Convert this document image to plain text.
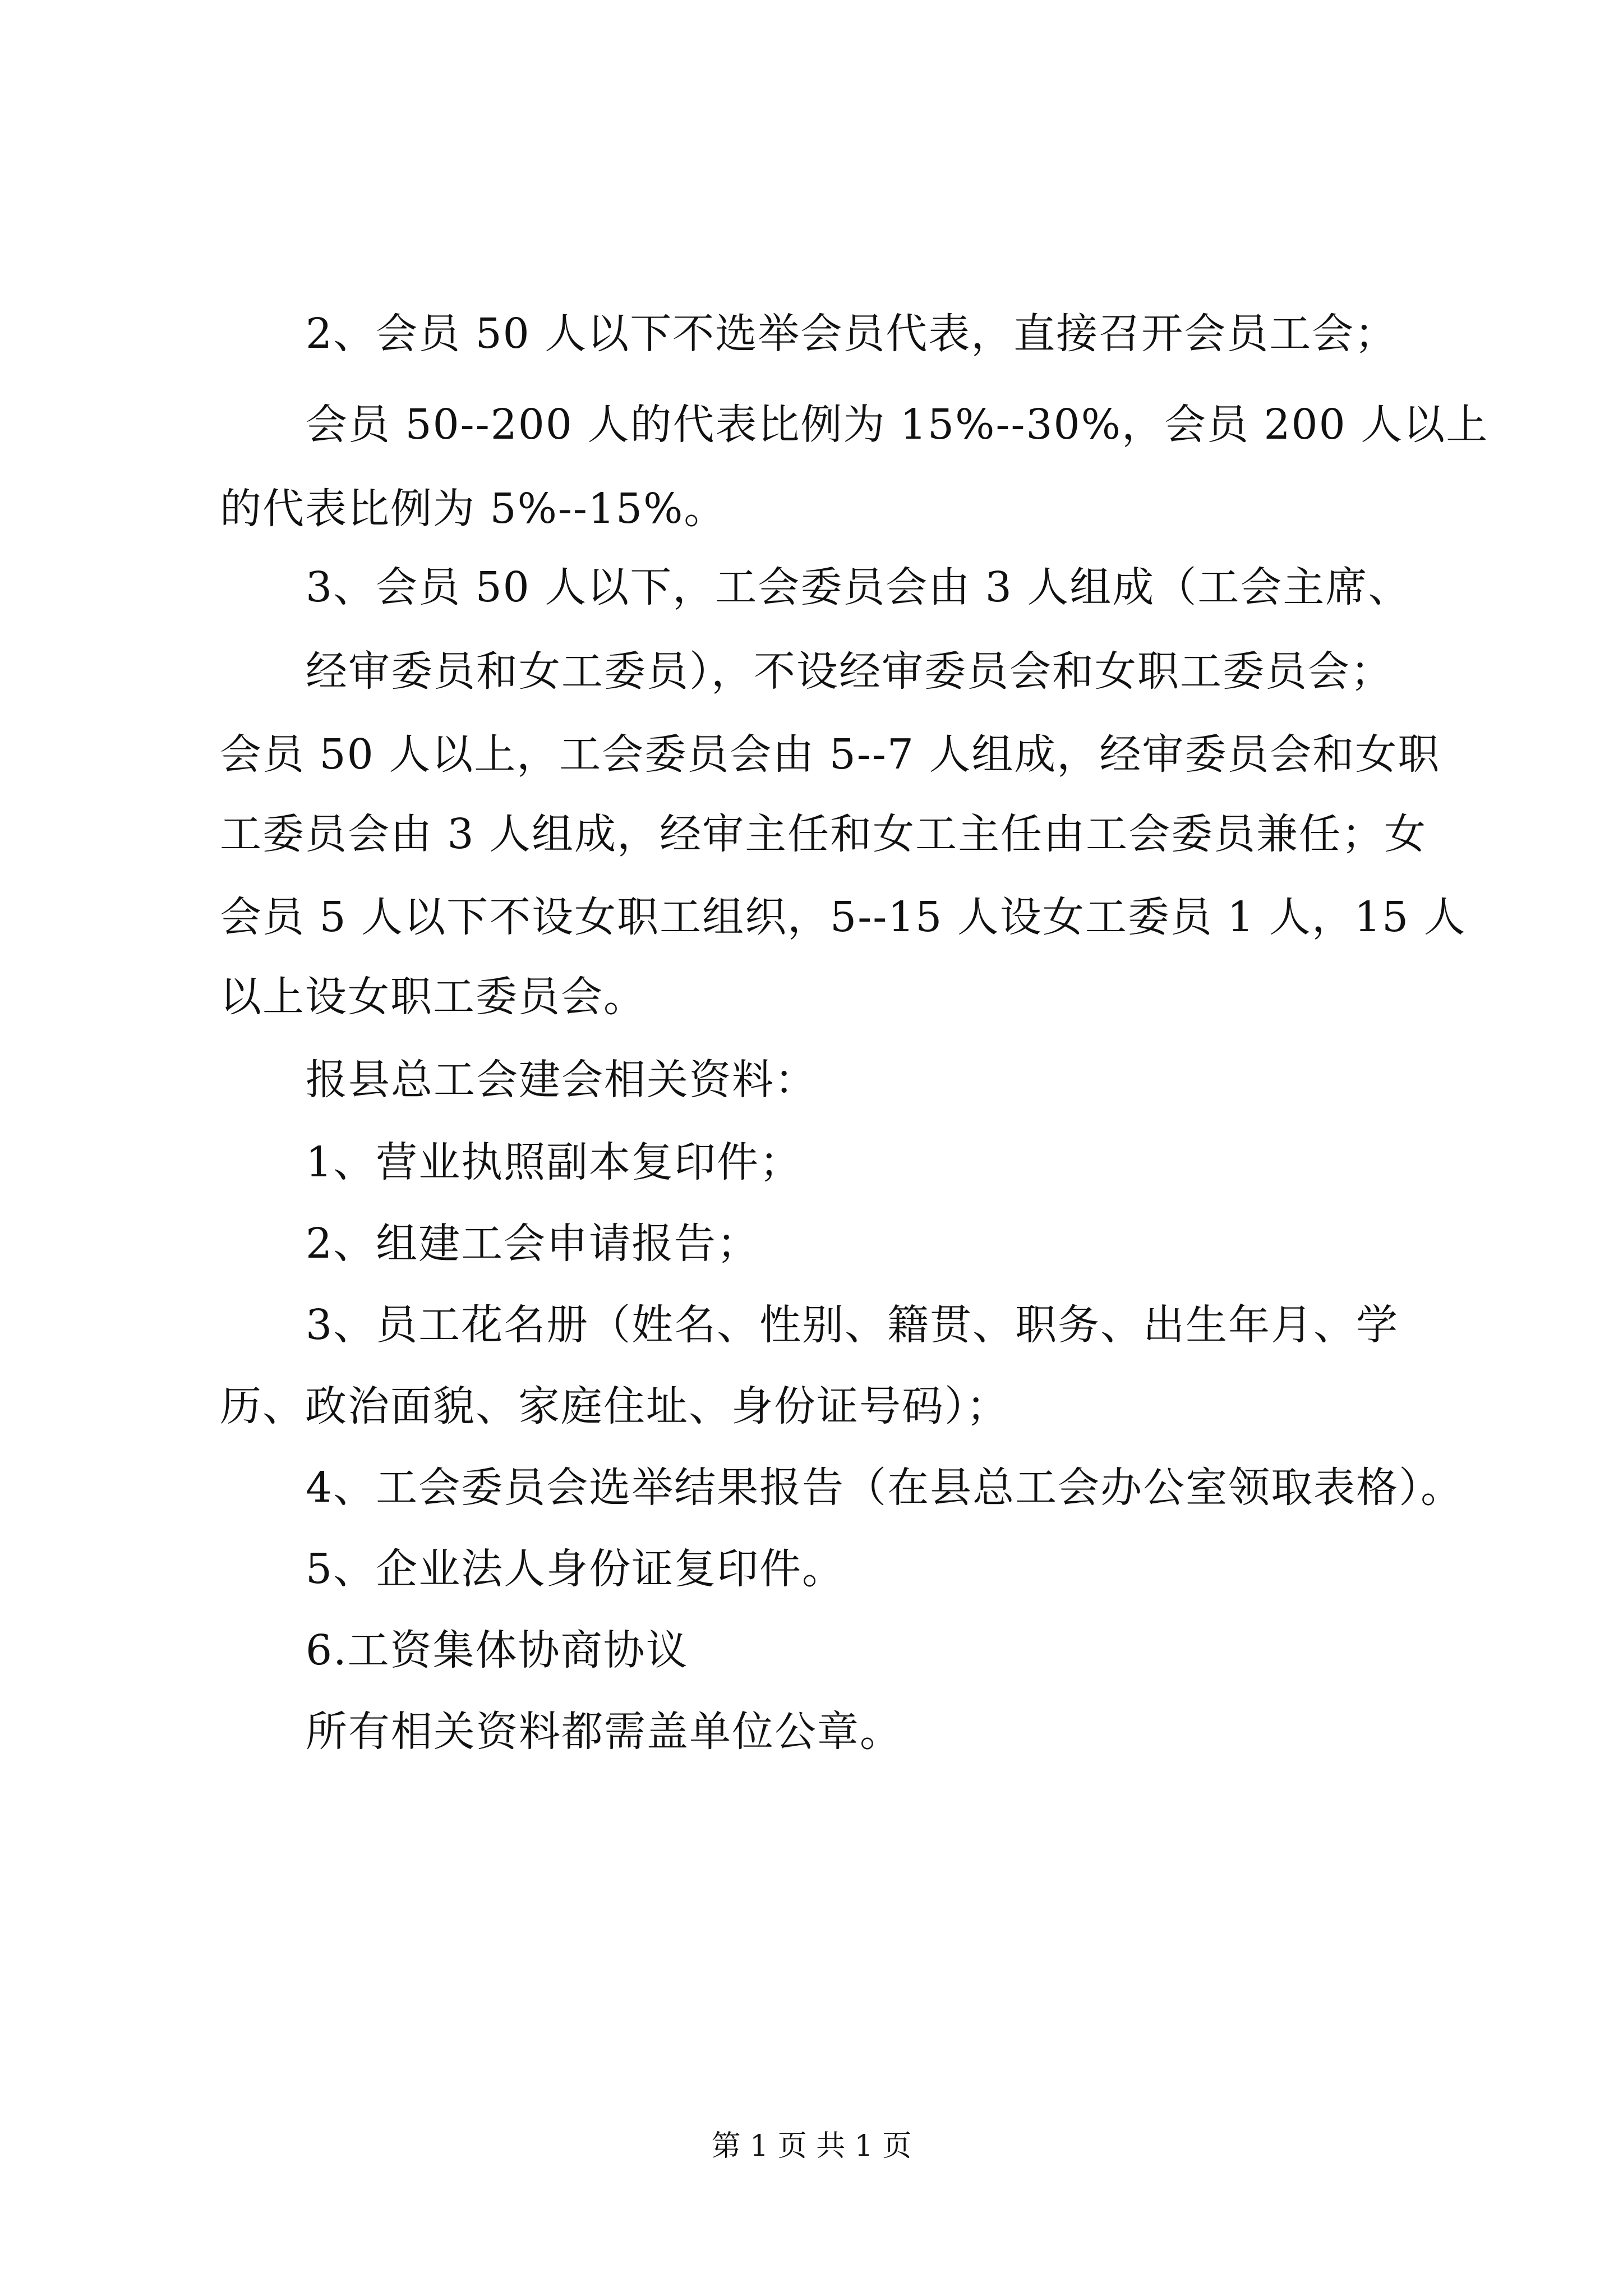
2、会员 50 人以下不选举会员代表，直接召开会员工会；
会员 50--200 人的代表比例为 15%--30%，会员 200 人以上
的代表比例为 5%--15%。
3、会员 50 人以下，工会委员会由 3 人组成（工会主席、
经审委员和女工委员），不设经审委员会和女职工委员会；
会员 50 人以上，工会委员会由 5--7 人组成，经审委员会和女职
工委员会由 3 人组成，经审主任和女工主任由工会委员兼任；女
会员 5 人以下不设女职工组织，5--15 人设女工委员 1 人，15 人
以上设女职工委员会。
报县总工会建会相关资料：
1、营业执照副本复印件；
2、组建工会申请报告；
3、员工花名册（姓名、性别、籍贯、职务、出生年月、学
历、政治面貌、家庭住址、身份证号码）；
4、工会委员会选举结果报告（在县总工会办公室领取表格）。
5、企业法人身份证复印件。
6.工资集体协商协议
所有相关资料都需盖单位公章。
第 1 页 共 1 页
